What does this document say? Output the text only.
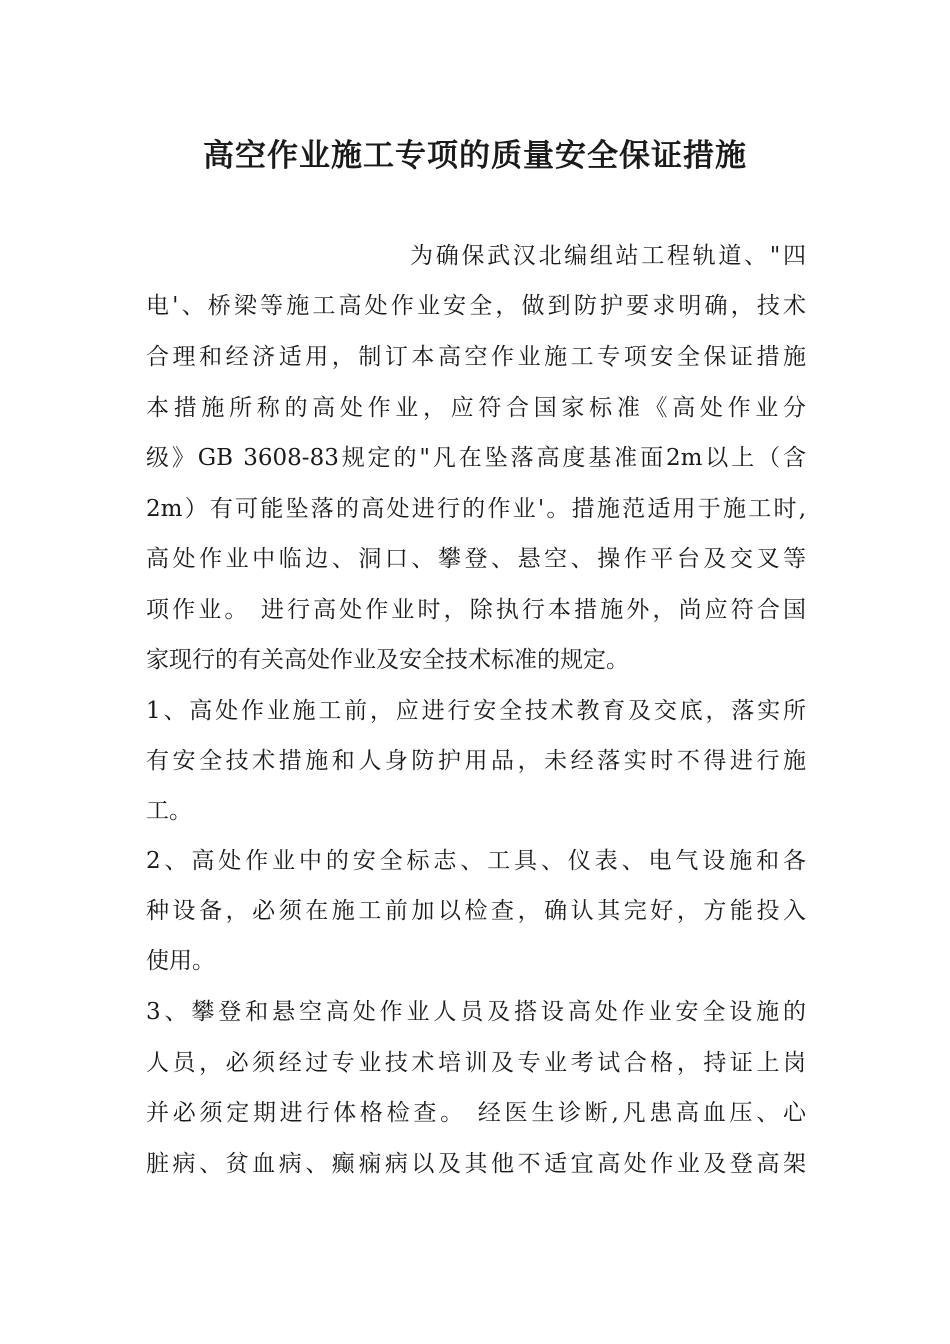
高空作业施工专项的质量安全保证措施

为确保武汉北编组站工程轨道、"四

电'、桥梁等施工高处作业安全，做到防护要求明确，技术

合理和经济适用，制订本高空作业施工专项安全保证措施

本措施所称的高处作业，应符合国家标准《高处作业分

级》GB 3608-83规定的"凡在坠落高度基准面2m以上（含

2m）有可能坠落的高处进行的作业'。措施范适用于施工时,

高处作业中临边、洞口、攀登、悬空、操作平台及交叉等

项作业。 进行高处作业时，除执行本措施外，尚应符合国

家现行的有关高处作业及安全技术标准的规定。

1、高处作业施工前，应进行安全技术教育及交底，落实所

有安全技术措施和人身防护用品，未经落实时不得进行施

工。

2、高处作业中的安全标志、工具、仪表、电气设施和各

种设备，必须在施工前加以检查，确认其完好，方能投入

使用。

3、攀登和悬空高处作业人员及搭设高处作业安全设施的

人员，必须经过专业技术培训及专业考试合格，持证上岗

并必须定期进行体格检查。 经医生诊断,凡患高血压、心

脏病、贫血病、癫痫病以及其他不适宜高处作业及登高架
